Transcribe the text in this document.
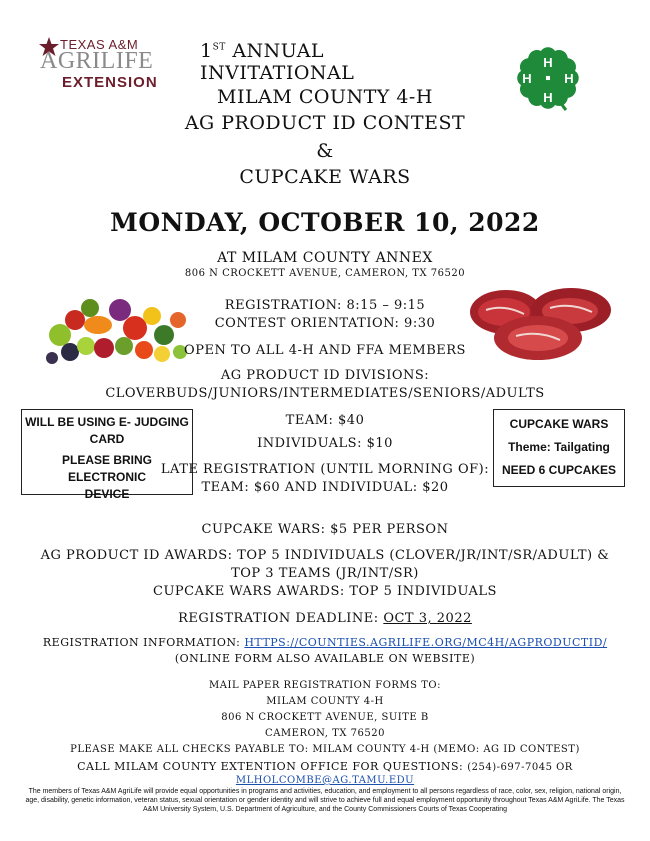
TEXAS A&M
AGRILIFE
EXTENSION
H
H
H
H
1ST ANNUAL INVITATIONAL
MILAM COUNTY 4-H
AG PRODUCT ID CONTEST
&
CUPCAKE WARS
MONDAY, OCTOBER 10, 2022
AT MILAM COUNTY ANNEX
806 N CROCKETT AVENUE, CAMERON, TX 76520
REGISTRATION: 8:15 – 9:15
CONTEST ORIENTATION: 9:30
OPEN TO ALL 4-H AND FFA MEMBERS
AG PRODUCT ID DIVISIONS:
CLOVERBUDS/JUNIORS/INTERMEDIATES/SENIORS/ADULTS
WILL BE USING E- JUDGING
CARD
PLEASE BRING ELECTRONIC
DEVICE
CUPCAKE WARS
Theme: Tailgating
NEED 6 CUPCAKES
TEAM: $40
INDIVIDUALS: $10
LATE REGISTRATION (UNTIL MORNING OF):
TEAM: $60 AND INDIVIDUAL: $20
CUPCAKE WARS: $5 PER PERSON
AG PRODUCT ID AWARDS: TOP 5 INDIVIDUALS (CLOVER/JR/INT/SR/ADULT) &
TOP 3 TEAMS (JR/INT/SR)
CUPCAKE WARS AWARDS: TOP 5 INDIVIDUALS
REGISTRATION DEADLINE: OCT 3, 2022
REGISTRATION INFORMATION: HTTPS://COUNTIES.AGRILIFE.ORG/MC4H/AGPRODUCTID/
(ONLINE FORM ALSO AVAILABLE ON WEBSITE)
MAIL PAPER REGISTRATION FORMS TO:
MILAM COUNTY 4-H
806 N CROCKETT AVENUE, SUITE B
CAMERON, TX 76520
PLEASE MAKE ALL CHECKS PAYABLE TO: MILAM COUNTY 4-H (MEMO: AG ID CONTEST)
CALL MILAM COUNTY EXTENTION OFFICE FOR QUESTIONS: (254)-697-7045 OR MLHOLCOMBE@AG.TAMU.EDU
The members of Texas A&M AgriLife will provide equal opportunities in programs and activities, education, and employment to all persons regardless of race, color, sex, religion, national origin, age, disability, genetic information, veteran status, sexual orientation or gender identity and will strive to achieve full and equal employment opportunity throughout Texas A&M AgriLife. The Texas A&M University System, U.S. Department of Agriculture, and the County Commissioners Courts of Texas Cooperating
